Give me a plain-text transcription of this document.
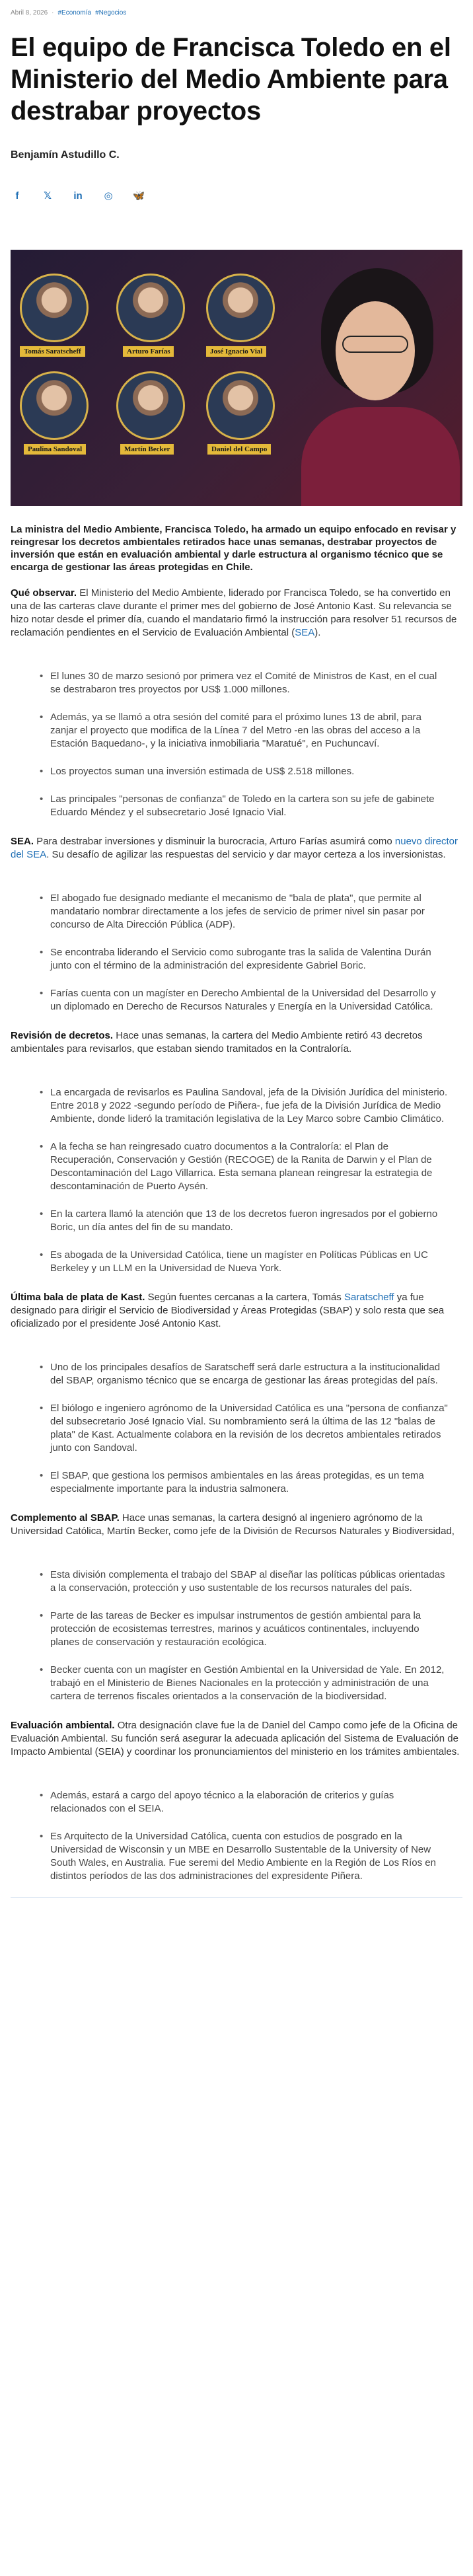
Abril 8, 2026 · #Economía #Negocios
El equipo de Francisca Toledo en el Ministerio del Medio Ambiente para destrabar proyectos
Benjamín Astudillo C.
f	𝕏 in ◎ 🦋
Tomás Saratscheff	Arturo Farías	José Ignacio Vial
Paulina Sandoval	Martín Becker	Daniel del Campo

La ministra del Medio Ambiente, Francisca Toledo, ha armado un equipo enfocado en revisar y reingresar los decretos ambientales retirados hace unas semanas, destrabar proyectos de inversión que están en evaluación ambiental y darle estructura al organismo técnico que se encarga de gestionar las áreas protegidas en Chile.

Qué observar. El Ministerio del Medio Ambiente, liderado por Francisca Toledo, se ha convertido en una de las carteras clave durante el primer mes del gobierno de José Antonio Kast. Su relevancia se hizo notar desde el primer día, cuando el mandatario firmó la instrucción para resolver 51 recursos de reclamación pendientes en el Servicio de Evaluación Ambiental (SEA).

• El lunes 30 de marzo sesionó por primera vez el Comité de Ministros de Kast, en el cual se destrabaron tres proyectos por US$ 1.000 millones.
• Además, ya se llamó a otra sesión del comité para el próximo lunes 13 de abril, para zanjar el proyecto que modifica de la Línea 7 del Metro -en las obras del acceso a la Estación Baquedano-, y la iniciativa inmobiliaria "Maratué", en Puchuncaví.
• Los proyectos suman una inversión estimada de US$ 2.518 millones.
• Las principales "personas de confianza" de Toledo en la cartera son su jefe de gabinete Eduardo Méndez y el subsecretario José Ignacio Vial.

SEA. Para destrabar inversiones y disminuir la burocracia, Arturo Farías asumirá como nuevo director del SEA. Su desafío de agilizar las respuestas del servicio y dar mayor certeza a los inversionistas.

• El abogado fue designado mediante el mecanismo de "bala de plata", que permite al mandatario nombrar directamente a los jefes de servicio de primer nivel sin pasar por concurso de Alta Dirección Pública (ADP).
• Se encontraba liderando el Servicio como subrogante tras la salida de Valentina Durán junto con el término de la administración del expresidente Gabriel Boric.
• Farías cuenta con un magíster en Derecho Ambiental de la Universidad del Desarrollo y un diplomado en Derecho de Recursos Naturales y Energía en la Universidad Católica.

Revisión de decretos. Hace unas semanas, la cartera del Medio Ambiente retiró 43 decretos ambientales para revisarlos, que estaban siendo tramitados en la Contraloría.

• La encargada de revisarlos es Paulina Sandoval, jefa de la División Jurídica del ministerio. Entre 2018 y 2022 -segundo período de Piñera-, fue jefa de la División Jurídica de Medio Ambiente, donde lideró la tramitación legislativa de la Ley Marco sobre Cambio Climático.
• A la fecha se han reingresado cuatro documentos a la Contraloría: el Plan de Recuperación, Conservación y Gestión (RECOGE) de la Ranita de Darwin y el Plan de Descontaminación del Lago Villarrica. Esta semana planean reingresar la estrategia de descontaminación de Puerto Aysén.
• En la cartera llamó la atención que 13 de los decretos fueron ingresados por el gobierno Boric, un día antes del fin de su mandato.
• Es abogada de la Universidad Católica, tiene un magíster en Políticas Públicas en UC Berkeley y un LLM en la Universidad de Nueva York.

Última bala de plata de Kast. Según fuentes cercanas a la cartera, Tomás Saratscheff ya fue designado para dirigir el Servicio de Biodiversidad y Áreas Protegidas (SBAP) y solo resta que sea oficializado por el presidente José Antonio Kast.

• Uno de los principales desafíos de Saratscheff será darle estructura a la institucionalidad del SBAP, organismo técnico que se encarga de gestionar las áreas protegidas del país.
• El biólogo e ingeniero agrónomo de la Universidad Católica es una "persona de confianza" del subsecretario José Ignacio Vial. Su nombramiento será la última de las 12 "balas de plata" de Kast. Actualmente colabora en la revisión de los decretos ambientales retirados junto con Sandoval.
• El SBAP, que gestiona los permisos ambientales en las áreas protegidas, es un tema especialmente importante para la industria salmonera.

Complemento al SBAP. Hace unas semanas, la cartera designó al ingeniero agrónomo de la Universidad Católica, Martín Becker, como jefe de la División de Recursos Naturales y Biodiversidad,

• Esta división complementa el trabajo del SBAP al diseñar las políticas públicas orientadas a la conservación, protección y uso sustentable de los recursos naturales del país.
• Parte de las tareas de Becker es impulsar instrumentos de gestión ambiental para la protección de ecosistemas terrestres, marinos y acuáticos continentales, incluyendo planes de conservación y restauración ecológica.
• Becker cuenta con un magíster en Gestión Ambiental en la Universidad de Yale. En 2012, trabajó en el Ministerio de Bienes Nacionales en la protección y administración de una cartera de terrenos fiscales orientados a la conservación de la biodiversidad.

Evaluación ambiental. Otra designación clave fue la de Daniel del Campo como jefe de la Oficina de Evaluación Ambiental. Su función será asegurar la adecuada aplicación del Sistema de Evaluación de Impacto Ambiental (SEIA) y coordinar los pronunciamientos del ministerio en los trámites ambientales.

• Además, estará a cargo del apoyo técnico a la elaboración de criterios y guías relacionados con el SEIA.
• Es Arquitecto de la Universidad Católica, cuenta con estudios de posgrado en la Universidad de Wisconsin y un MBE en Desarrollo Sustentable de la University of New South Wales, en Australia. Fue seremi del Medio Ambiente en la Región de Los Ríos en distintos períodos de las dos administraciones del expresidente Piñera.
